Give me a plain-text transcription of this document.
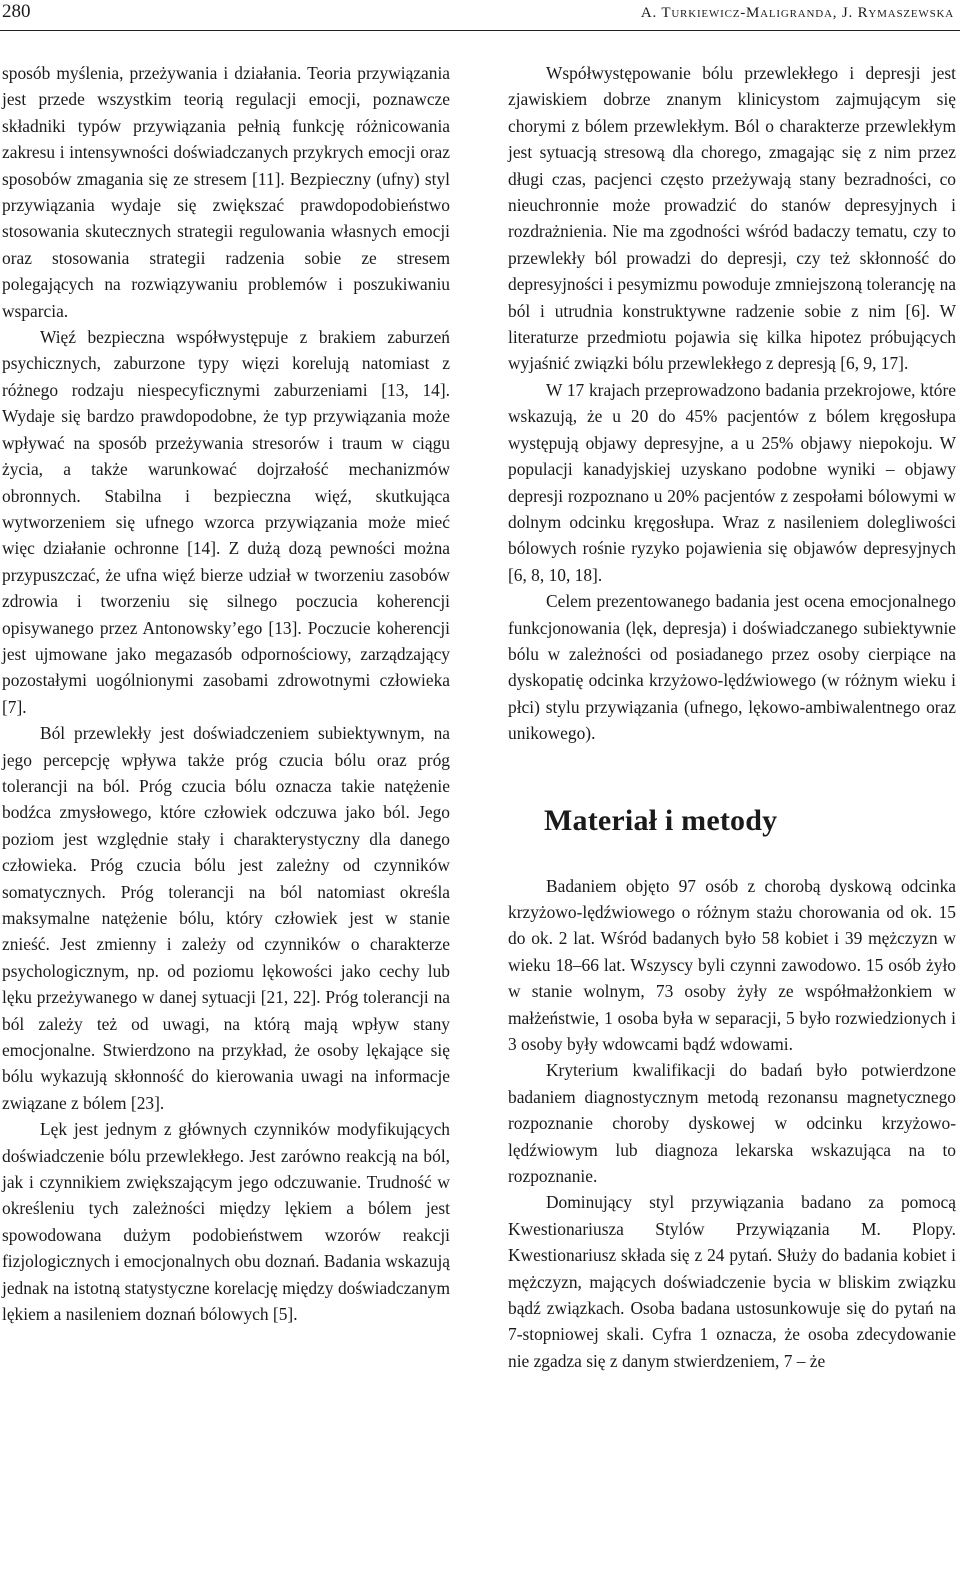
280	A. Turkiewicz-Maligranda, J. Rymaszewska

sposób myślenia, przeżywania i działania. Teoria przywiązania jest przede wszystkim teorią regulacji emocji, poznawcze składniki typów przywiązania pełnią funkcję różnicowania zakresu i intensywności doświadczanych przykrych emocji oraz sposobów zmagania się ze stresem [11]. Bezpieczny (ufny) styl przywiązania wydaje się zwiększać prawdopodobieństwo stosowania skutecznych strategii regulowania własnych emocji oraz stosowania strategii radzenia sobie ze stresem polegających na rozwiązywaniu problemów i poszukiwaniu wsparcia.

Więź bezpieczna współwystępuje z brakiem zaburzeń psychicznych, zaburzone typy więzi korelują natomiast z różnego rodzaju niespecyficznymi zaburzeniami [13, 14]. Wydaje się bardzo prawdopodobne, że typ przywiązania może wpływać na sposób przeżywania stresorów i traum w ciągu życia, a także warunkować dojrzałość mechanizmów obronnych. Stabilna i bezpieczna więź, skutkująca wytworzeniem się ufnego wzorca przywiązania może mieć więc działanie ochronne [14]. Z dużą dozą pewności można przypuszczać, że ufna więź bierze udział w tworzeniu zasobów zdrowia i tworzeniu się silnego poczucia koherencji opisywanego przez Antonowsky’ego [13]. Poczucie koherencji jest ujmowane jako megazasób odpornościowy, zarządzający pozostałymi uogólnionymi zasobami zdrowotnymi człowieka [7].

Ból przewlekły jest doświadczeniem subiektywnym, na jego percepcję wpływa także próg czucia bólu oraz próg tolerancji na ból. Próg czucia bólu oznacza takie natężenie bodźca zmysłowego, które człowiek odczuwa jako ból. Jego poziom jest względnie stały i charakterystyczny dla danego człowieka. Próg czucia bólu jest zależny od czynników somatycznych. Próg tolerancji na ból natomiast określa maksymalne natężenie bólu, który człowiek jest w stanie znieść. Jest zmienny i zależy od czynników o charakterze psychologicznym, np. od poziomu lękowości jako cechy lub lęku przeżywanego w danej sytuacji [21, 22]. Próg tolerancji na ból zależy też od uwagi, na którą mają wpływ stany emocjonalne. Stwierdzono na przykład, że osoby lękające się bólu wykazują skłonność do kierowania uwagi na informacje związane z bólem [23].

Lęk jest jednym z głównych czynników modyfikujących doświadczenie bólu przewlekłego. Jest zarówno reakcją na ból, jak i czynnikiem zwiększającym jego odczuwanie. Trudność w określeniu tych zależności między lękiem a bólem jest spowodowana dużym podobieństwem wzorów reakcji fizjologicznych i emocjonalnych obu doznań. Badania wskazują jednak na istotną statystyczne korelację między doświadczanym lękiem a nasileniem doznań bólowych [5].

Współwystępowanie bólu przewlekłego i depresji jest zjawiskiem dobrze znanym klinicystom zajmującym się chorymi z bólem przewlekłym. Ból o charakterze przewlekłym jest sytuacją stresową dla chorego, zmagając się z nim przez długi czas, pacjenci często przeżywają stany bezradności, co nieuchronnie może prowadzić do stanów depresyjnych i rozdrażnienia. Nie ma zgodności wśród badaczy tematu, czy to przewlekły ból prowadzi do depresji, czy też skłonność do depresyjności i pesymizmu powoduje zmniejszoną tolerancję na ból i utrudnia konstruktywne radzenie sobie z nim [6]. W literaturze przedmiotu pojawia się kilka hipotez próbujących wyjaśnić związki bólu przewlekłego z depresją [6, 9, 17].

W 17 krajach przeprowadzono badania przekrojowe, które wskazują, że u 20 do 45% pacjentów z bólem kręgosłupa występują objawy depresyjne, a u 25% objawy niepokoju. W populacji kanadyjskiej uzyskano podobne wyniki – objawy depresji rozpoznano u 20% pacjentów z zespołami bólowymi w dolnym odcinku kręgosłupa. Wraz z nasileniem dolegliwości bólowych rośnie ryzyko pojawienia się objawów depresyjnych [6, 8, 10, 18].

Celem prezentowanego badania jest ocena emocjonalnego funkcjonowania (lęk, depresja) i doświadczanego subiektywnie bólu w zależności od posiadanego przez osoby cierpiące na dyskopatię odcinka krzyżowo-lędźwiowego (w różnym wieku i płci) stylu przywiązania (ufnego, lękowo-ambiwalentnego oraz unikowego).

Materiał i metody

Badaniem objęto 97 osób z chorobą dyskową odcinka krzyżowo-lędźwiowego o różnym stażu chorowania od ok. 15 do ok. 2 lat. Wśród badanych było 58 kobiet i 39 mężczyzn w wieku 18–66 lat. Wszyscy byli czynni zawodowo. 15 osób żyło w stanie wolnym, 73 osoby żyły ze współmałżonkiem w małżeństwie, 1 osoba była w separacji, 5 było rozwiedzionych i 3 osoby były wdowcami bądź wdowami.

Kryterium kwalifikacji do badań było potwierdzone badaniem diagnostycznym metodą rezonansu magnetycznego rozpoznanie choroby dyskowej w odcinku krzyżowo-lędźwiowym lub diagnoza lekarska wskazująca na to rozpoznanie.

Dominujący styl przywiązania badano za pomocą Kwestionariusza Stylów Przywiązania M. Plopy. Kwestionariusz składa się z 24 pytań. Służy do badania kobiet i mężczyzn, mających doświadczenie bycia w bliskim związku bądź związkach. Osoba badana ustosunkowuje się do pytań na 7-stopniowej skali. Cyfra 1 oznacza, że osoba zdecydowanie nie zgadza się z danym stwierdzeniem, 7 – że
